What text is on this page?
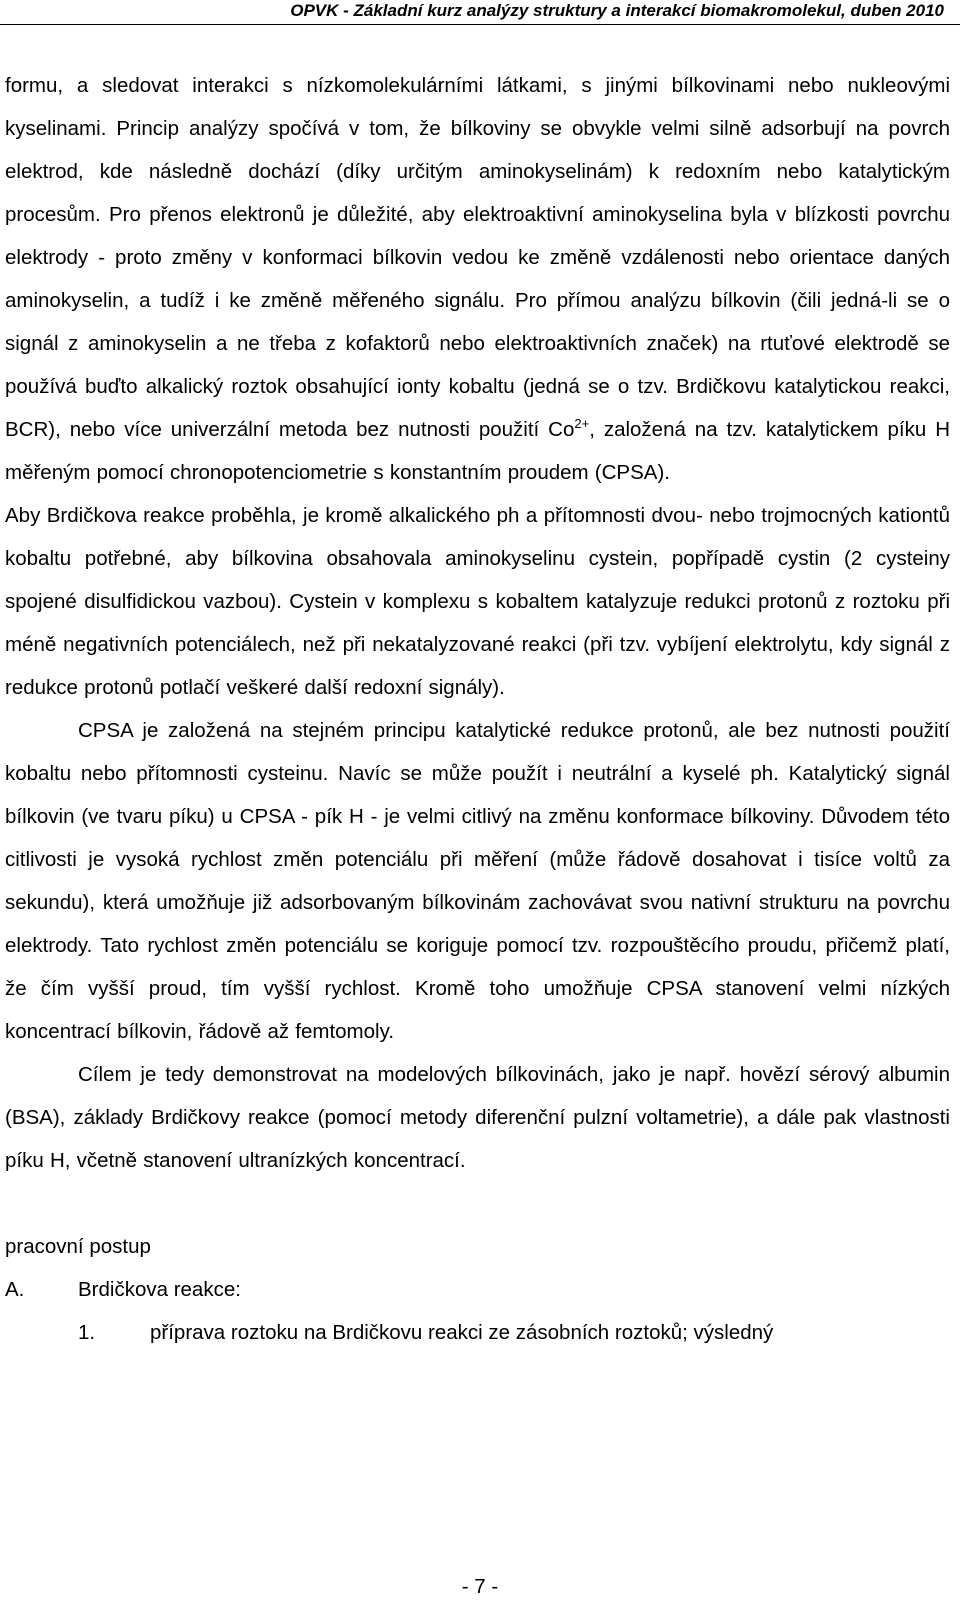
OPVK - Základní kurz analýzy struktury a interakcí biomakromolekul, duben 2010

formu, a sledovat interakci s nízkomolekulárními látkami, s jinými bílkovinami nebo nukleovými kyselinami. Princip analýzy spočívá v tom, že bílkoviny se obvykle velmi silně adsorbují na povrch elektrod, kde následně dochází (díky určitým aminokyselinám) k redoxním nebo katalytickým procesům. Pro přenos elektronů je důležité, aby elektroaktivní aminokyselina byla v blízkosti povrchu elektrody - proto změny v konformaci bílkovin vedou ke změně vzdálenosti nebo orientace daných aminokyselin, a tudíž i ke změně měřeného signálu. Pro přímou analýzu bílkovin (čili jedná-li se o signál z aminokyselin a ne třeba z kofaktorů nebo elektroaktivních značek) na rtuťové elektrodě se používá buďto alkalický roztok obsahující ionty kobaltu (jedná se o tzv. Brdičkovu katalytickou reakci, BCR), nebo více univerzální metoda bez nutnosti použití $Co^{2+}$, založená na tzv. katalytickem píku H měřeným pomocí chronopotenciometrie s konstantním proudem (CPSA).

Aby Brdičkova reakce proběhla, je kromě alkalického ph a přítomnosti dvou- nebo trojmocných kationtů kobaltu potřebné, aby bílkovina obsahovala aminokyselinu cystein, popřípadě cystin (2 cysteiny spojené disulfidickou vazbou). Cystein v komplexu s kobaltem katalyzuje redukci protonů z roztoku při méně negativních potenciálech, než při nekatalyzované reakci (při tzv. vybíjení elektrolytu, kdy signál z redukce protonů potlačí veškeré další redoxní signály).

CPSA je založená na stejném principu katalytické redukce protonů, ale bez nutnosti použití kobaltu nebo přítomnosti cysteinu. Navíc se může použít i neutrální a kyselé ph. Katalytický signál bílkovin (ve tvaru píku) u CPSA - pík H - je velmi citlivý na změnu konformace bílkoviny. Důvodem této citlivosti je vysoká rychlost změn potenciálu při měření (může řádově dosahovat i tisíce voltů za sekundu), která umožňuje již adsorbovaným bílkovinám zachovávat svou nativní strukturu na povrchu elektrody. Tato rychlost změn potenciálu se koriguje pomocí tzv. rozpouštěcího proudu, přičemž platí, že čím vyšší proud, tím vyšší rychlost. Kromě toho umožňuje CPSA stanovení velmi nízkých koncentrací bílkovin, řádově až femtomoly.

Cílem je tedy demonstrovat na modelových bílkovinách, jako je např. hovězí sérový albumin (BSA), základy Brdičkovy reakce (pomocí metody diferenční pulzní voltametrie), a dále pak vlastnosti píku H, včetně stanovení ultranízkých koncentrací.

pracovní postup
A.	Brdičkova reakce:
1.	příprava roztoku na Brdičkovu reakci ze zásobních roztoků; výsledný
- 7 -
